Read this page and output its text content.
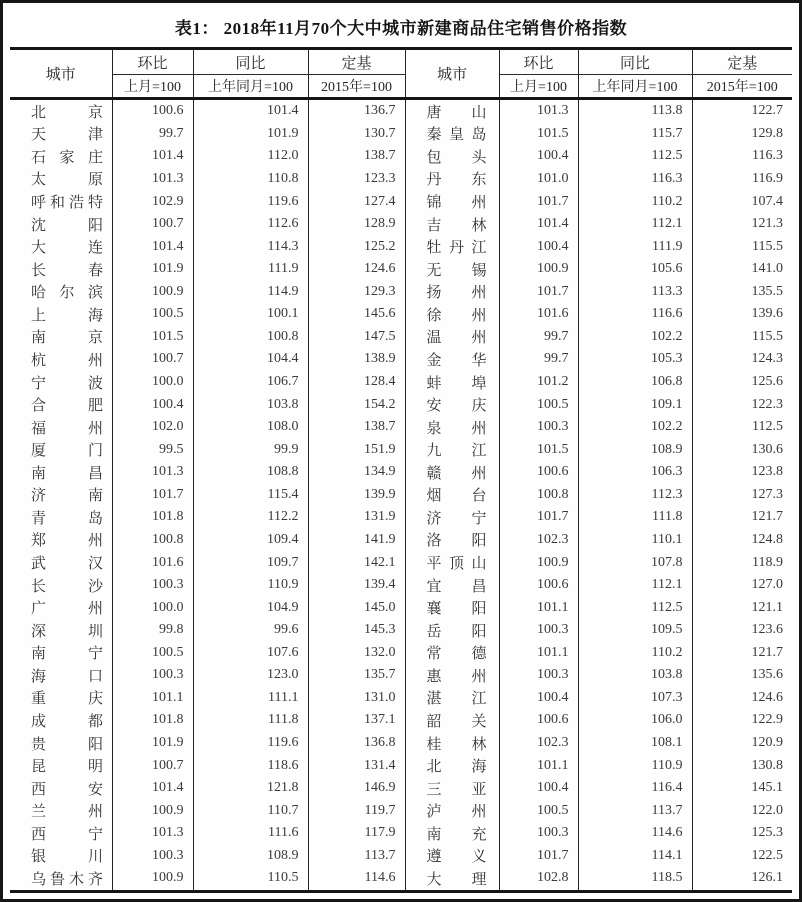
表1： 2018年11月70个大中城市新建商品住宅销售价格指数
城市	环比	同比	定基	城市	环比	同比	定基
	上月=100	上年同月=100	2015年=100		上月=100	上年同月=100	2015年=100
北京	100.6	101.4	136.7	唐山	101.3	113.8	122.7
天津	99.7	101.9	130.7	秦皇岛	101.5	115.7	129.8
石家庄	101.4	112.0	138.7	包头	100.4	112.5	116.3
太原	101.3	110.8	123.3	丹东	101.0	116.3	116.9
呼和浩特	102.9	119.6	127.4	锦州	101.7	110.2	107.4
沈阳	100.7	112.6	128.9	吉林	101.4	112.1	121.3
大连	101.4	114.3	125.2	牡丹江	100.4	111.9	115.5
长春	101.9	111.9	124.6	无锡	100.9	105.6	141.0
哈尔滨	100.9	114.9	129.3	扬州	101.7	113.3	135.5
上海	100.5	100.1	145.6	徐州	101.6	116.6	139.6
南京	101.5	100.8	147.5	温州	99.7	102.2	115.5
杭州	100.7	104.4	138.9	金华	99.7	105.3	124.3
宁波	100.0	106.7	128.4	蚌埠	101.2	106.8	125.6
合肥	100.4	103.8	154.2	安庆	100.5	109.1	122.3
福州	102.0	108.0	138.7	泉州	100.3	102.2	112.5
厦门	99.5	99.9	151.9	九江	101.5	108.9	130.6
南昌	101.3	108.8	134.9	赣州	100.6	106.3	123.8
济南	101.7	115.4	139.9	烟台	100.8	112.3	127.3
青岛	101.8	112.2	131.9	济宁	101.7	111.8	121.7
郑州	100.8	109.4	141.9	洛阳	102.3	110.1	124.8
武汉	101.6	109.7	142.1	平顶山	100.9	107.8	118.9
长沙	100.3	110.9	139.4	宜昌	100.6	112.1	127.0
广州	100.0	104.9	145.0	襄阳	101.1	112.5	121.1
深圳	99.8	99.6	145.3	岳阳	100.3	109.5	123.6
南宁	100.5	107.6	132.0	常德	101.1	110.2	121.7
海口	100.3	123.0	135.7	惠州	100.3	103.8	135.6
重庆	101.1	111.1	131.0	湛江	100.4	107.3	124.6
成都	101.8	111.8	137.1	韶关	100.6	106.0	122.9
贵阳	101.9	119.6	136.8	桂林	102.3	108.1	120.9
昆明	100.7	118.6	131.4	北海	101.1	110.9	130.8
西安	101.4	121.8	146.9	三亚	100.4	116.4	145.1
兰州	100.9	110.7	119.7	泸州	100.5	113.7	122.0
西宁	101.3	111.6	117.9	南充	100.3	114.6	125.3
银川	100.3	108.9	113.7	遵义	101.7	114.1	122.5
乌鲁木齐	100.9	110.5	114.6	大理	102.8	118.5	126.1
